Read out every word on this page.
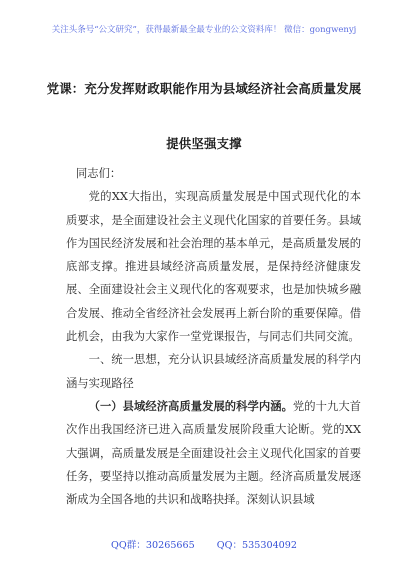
关注头条号“公文研究”，获得最新最全最专业的公文资料库！ 微信：gongwenyj
党课：充分发挥财政职能作用为县域经济社会高质量发展
提供坚强支撑

同志们：

党的XX大指出，实现高质量发展是中国式现代化的本质要求，是全面建设社会主义现代化国家的首要任务。县域作为国民经济发展和社会治理的基本单元，是高质量发展的底部支撑。推进县域经济高质量发展，是保持经济健康发展、全面建设社会主义现代化的客观要求，也是加快城乡融合发展、推动全省经济社会发展再上新台阶的重要保障。借此机会，由我为大家作一堂党课报告，与同志们共同交流。

一、统一思想，充分认识县域经济高质量发展的科学内涵与实现路径

（一）县域经济高质量发展的科学内涵。党的十九大首次作出我国经济已进入高质量发展阶段重大论断。党的XX大强调，高质量发展是全面建设社会主义现代化国家的首要任务，要坚持以推动高质量发展为主题。经济高质量发展逐渐成为全国各地的共识和战略抉择。深刻认识县域

QQ群：30265665 QQ：535304092
